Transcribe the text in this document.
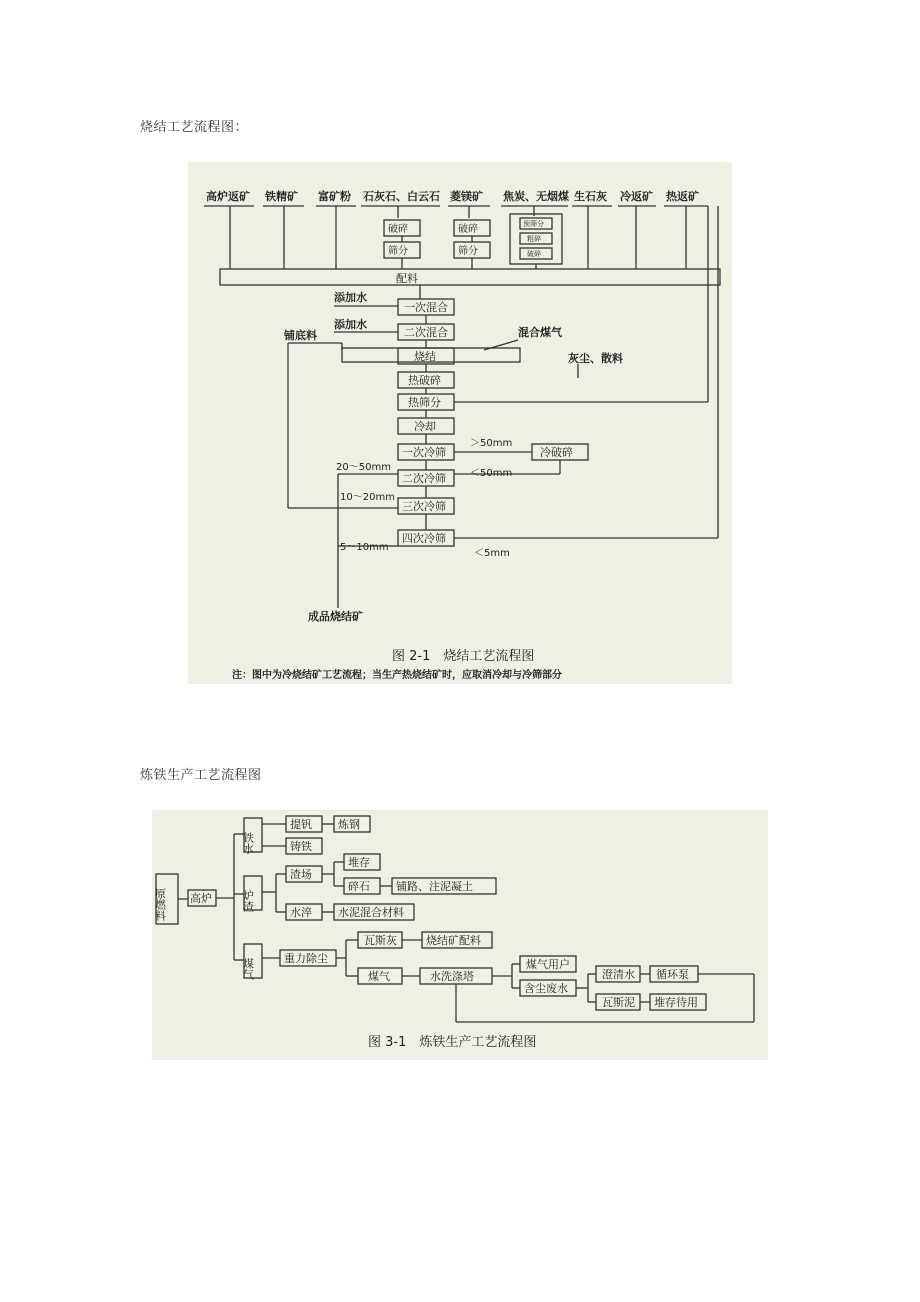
烧结工艺流程图：
高炉返矿 铁精矿 富矿粉 石灰石、白云石 菱镁矿 焦炭、无烟煤 生石灰 冷返矿 热返矿
破碎
筛分
破碎
筛分
预筛分
粗碎
破碎
配料
添加水
一次混合
添加水
二次混合	混合煤气
铺底料
烧结	灰尘、散料
热破碎
热筛分
冷却
一次冷筛
＞50mm
冷破碎
＜50mm
20～50mm
二次冷筛
10～20mm
三次冷筛
四次冷筛
＜5mm
5～10mm
成品烧结矿
图 2-1　烧结工艺流程图
注：图中为冷烧结矿工艺流程；当生产热烧结矿时，应取消冷却与冷筛部分
炼铁生产工艺流程图
原燃料 高炉
铁水
提钒 炼钢
铸铁
炉渣
渣场
堆存
碎石 铺路、注泥凝土
水淬 水泥混合材料
煤气	重力除尘
瓦斯灰	烧结矿配料
煤气	水洗涤塔
煤气用户
含尘废水
澄清水 循环泵
瓦斯泥 堆存待用
图 3-1　炼铁生产工艺流程图
